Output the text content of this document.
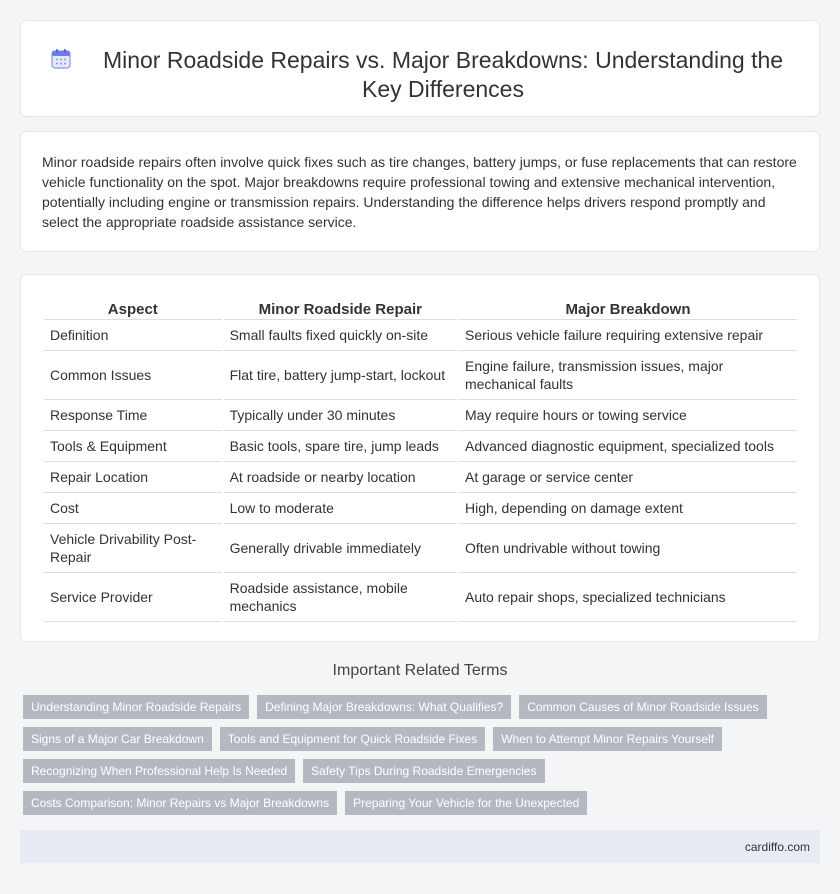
Minor Roadside Repairs vs. Major Breakdowns: Understanding the Key Differences

Minor roadside repairs often involve quick fixes such as tire changes, battery jumps, or fuse replacements that can restore vehicle functionality on the spot. Major breakdowns require professional towing and extensive mechanical intervention, potentially including engine or transmission repairs. Understanding the difference helps drivers respond promptly and select the appropriate roadside assistance service.

Aspect	Minor Roadside Repair	Major Breakdown
Definition	Small faults fixed quickly on-site	Serious vehicle failure requiring extensive repair
Common Issues	Flat tire, battery jump-start, lockout	Engine failure, transmission issues, major mechanical faults
Response Time	Typically under 30 minutes	May require hours or towing service
Tools & Equipment	Basic tools, spare tire, jump leads	Advanced diagnostic equipment, specialized tools
Repair Location	At roadside or nearby location	At garage or service center
Cost	Low to moderate	High, depending on damage extent
Vehicle Drivability Post-Repair	Generally drivable immediately	Often undrivable without towing
Service Provider	Roadside assistance, mobile mechanics	Auto repair shops, specialized technicians
Important Related Terms
Understanding Minor Roadside Repairs	Defining Major Breakdowns: What Qualifies?	Common Causes of Minor Roadside Issues
Signs of a Major Car Breakdown	Tools and Equipment for Quick Roadside Fixes	When to Attempt Minor Repairs Yourself
Recognizing When Professional Help Is Needed	Safety Tips During Roadside Emergencies
Costs Comparison: Minor Repairs vs Major Breakdowns	Preparing Your Vehicle for the Unexpected
cardiffo.com
